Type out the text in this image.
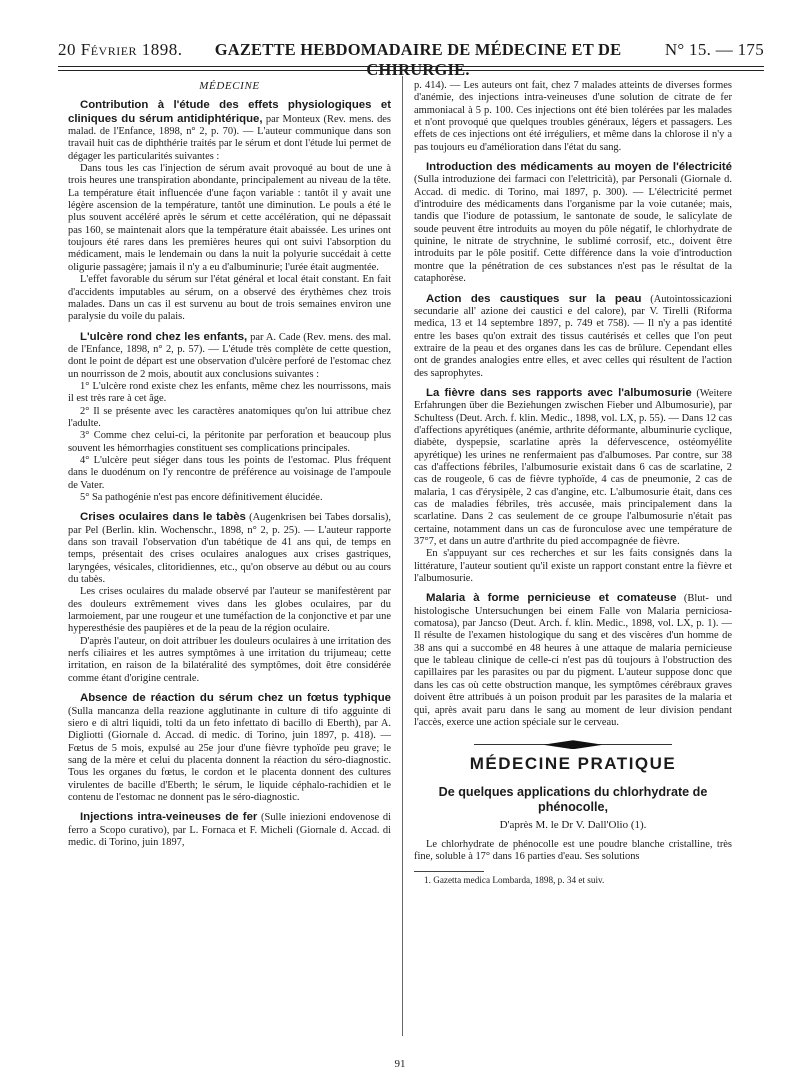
20 Février 1898.	GAZETTE HEBDOMADAIRE DE MÉDECINE ET DE CHIRURGIE.
N° 15. — 175
MÉDECINE

Contribution à l'étude des effets physiologiques et cliniques du sérum antidiphtérique, par Monteux (Rev. mens. des malad. de l'Enfance, 1898, n° 2, p. 70). — L'auteur communique dans son travail huit cas de diphthérie traités par le sérum et dont l'étude lui permet de dégager les particularités suivantes :

Dans tous les cas l'injection de sérum avait provoqué au bout de une à trois heures une transpiration abondante, principalement au niveau de la tête. La température était influencée d'une façon variable : tantôt il y avait une légère ascension de la température, tantôt une diminution. Le pouls a été le plus souvent accéléré après le sérum et cette accélération, qui ne dépassait pas 160, se maintenait alors que la température était abaissée. Les urines ont toujours été rares dans les premières heures qui ont suivi l'absorption du médicament, mais le lendemain ou dans la nuit la polyurie succédait à cette oligurie passagère; jamais il n'y a eu d'albuminurie; l'urée était augmentée.

L'effet favorable du sérum sur l'état général et local était constant. En fait d'accidents imputables au sérum, on a observé des érythèmes chez trois malades. Dans un cas il est survenu au bout de trois semaines environ une paralysie du voile du palais.

L'ulcère rond chez les enfants, par A. Cade (Rev. mens. des mal. de l'Enfance, 1898, n° 2, p. 57). — L'étude très complète de cette question, dont le point de départ est une observation d'ulcère perforé de l'estomac chez un nourrisson de 2 mois, aboutit aux conclusions suivantes :

1° L'ulcère rond existe chez les enfants, même chez les nourrissons, mais il est très rare à cet âge.

2° Il se présente avec les caractères anatomiques qu'on lui attribue chez l'adulte.

3° Comme chez celui-ci, la péritonite par perforation et beaucoup plus souvent les hémorrhagies constituent ses complications principales.

4° L'ulcère peut siéger dans tous les points de l'estomac. Plus fréquent dans le duodénum on l'y rencontre de préférence au voisinage de l'ampoule de Vater.

5° Sa pathogénie n'est pas encore définitivement élucidée.

Crises oculaires dans le tabès (Augenkrisen bei Tabes dorsalis), par Pel (Berlin. klin. Wochenschr., 1898, n° 2, p. 25). — L'auteur rapporte dans son travail l'observation d'un tabétique de 41 ans qui, de temps en temps, présentait des crises oculaires analogues aux crises gastriques, laryngées, vésicales, clitoridiennes, etc., qu'on observe au début ou au cours du tabès.

Les crises oculaires du malade observé par l'auteur se manifestèrent par des douleurs extrêmement vives dans les globes oculaires, par du larmoiement, par une rougeur et une tuméfaction de la conjonctive et par une hyperesthésie des paupières et de la peau de la région oculaire.

D'après l'auteur, on doit attribuer les douleurs oculaires à une irritation des nerfs ciliaires et les autres symptômes à une irritation du trijumeau; cette irritation, en raison de la bilatéralité des symptômes, doit être considérée comme étant d'origine centrale.

Absence de réaction du sérum chez un fœtus typhique (Sulla mancanza della reazione agglutinante in culture di tifo agguinte di siero e di altri liquidi, tolti da un feto infettato di bacillo di Eberth), par A. Digliotti (Giornale d. Accad. di medic. di Torino, juin 1897, p. 418). — Fœtus de 5 mois, expulsé au 25e jour d'une fièvre typhoïde peu grave; le sang de la mère et celui du placenta donnent la réaction du séro-diagnostic. Tous les organes du fœtus, le cordon et le placenta donnent des cultures virulentes de bacille d'Eberth; le sérum, le liquide céphalo-rachidien et le contenu de l'estomac ne donnent pas le séro-diagnostic.

Injections intra-veineuses de fer (Sulle iniezioni endovenose di ferro a Scopo curativo), par L. Fornaca et F. Micheli (Giornale d. Accad. di medic. di Torino, juin 1897,

p. 414). — Les auteurs ont fait, chez 7 malades atteints de diverses formes d'anémie, des injections intra-veineuses d'une solution de citrate de fer ammoniacal à 5 p. 100. Ces injections ont été bien tolérées par les malades et n'ont provoqué que quelques troubles généraux, légers et passagers. Les effets de ces injections ont été irréguliers, et même dans la chlorose il n'y a pas toujours eu d'amélioration dans l'état du sang.

Introduction des médicaments au moyen de l'électricité (Sulla introduzione dei farmaci con l'elettricità), par Personali (Giornale d. Accad. di medic. di Torino, mai 1897, p. 300). — L'électricité permet d'introduire des médicaments dans l'organisme par la voie cutanée; mais, tandis que l'iodure de potassium, le santonate de soude, le salicylate de soude peuvent être introduits au moyen du pôle négatif, le chlorhydrate de quinine, le nitrate de strychnine, le sublimé corrosif, etc., doivent être introduits par le pôle positif. Cette différence dans la voie d'introduction montre que la pénétration de ces substances n'est pas le résultat de la cataphorèse.

Action des caustiques sur la peau (Autointossicazioni secundarie all' azione dei caustici e del calore), par V. Tirelli (Riforma medica, 13 et 14 septembre 1897, p. 749 et 758). — Il n'y a pas identité entre les bases qu'on extrait des tissus cautérisés et celles que l'on peut extraire de la peau et des organes dans les cas de brûlure. Cependant elles ont de grandes analogies entre elles, et avec celles qui résultent de l'action des saprophytes.

La fièvre dans ses rapports avec l'albumosurie (Weitere Erfahrungen über die Beziehungen zwischen Fieber und Albumosurie), par Schultess (Deut. Arch. f. klin. Medic., 1898, vol. LX, p. 55). — Dans 12 cas d'affections apyrétiques (anémie, arthrite déformante, albuminurie cyclique, diabète, dyspepsie, scarlatine après la défervescence, ostéomyélite apyrétique) les urines ne renfermaient pas d'albumoses. Par contre, sur 38 cas d'affections fébriles, l'albumosurie existait dans 6 cas de scarlatine, 2 cas de rougeole, 6 cas de fièvre typhoïde, 4 cas de pneumonie, 2 cas de malaria, 1 cas d'érysipèle, 2 cas d'angine, etc. L'albumosurie était, dans ces cas de maladies fébriles, très accusée, mais principalement dans la scarlatine. Dans 2 cas seulement de ce groupe l'albumosurie n'était pas certaine, notamment dans un cas de furonculose avec une température de 37°7, et dans un autre d'arthrite du pied accompagnée de fièvre.

En s'appuyant sur ces recherches et sur les faits consignés dans la littérature, l'auteur soutient qu'il existe un rapport constant entre la fièvre et l'albumosurie.

Malaria à forme pernicieuse et comateuse (Blut- und histologische Untersuchungen bei einem Falle von Malaria perniciosa-comatosa), par Jancso (Deut. Arch. f. klin. Medic., 1898, vol. LX, p. 1). — Il résulte de l'examen histologique du sang et des viscères d'un homme de 38 ans qui a succombé en 48 heures à une attaque de malaria pernicieuse que le tableau clinique de celle-ci n'est pas dû toujours à l'obstruction des capillaires par les parasites ou par du pigment. L'auteur suppose donc que dans les cas où cette obstruction manque, les symptômes cérébraux graves doivent être attribués à un poison produit par les parasites de la malaria et qui, après avait paru dans le sang au moment de leur division pendant l'accès, exerce une action spéciale sur le cerveau.

MÉDECINE PRATIQUE
De quelques applications du chlorhydrate de phénocolle,
D'après M. le Dr V. Dall'Olio (1).

Le chlorhydrate de phénocolle est une poudre blanche cristalline, très fine, soluble à 17° dans 16 parties d'eau. Ses solutions

1. Gazetta medica Lombarda, 1898, p. 34 et suiv.

91
